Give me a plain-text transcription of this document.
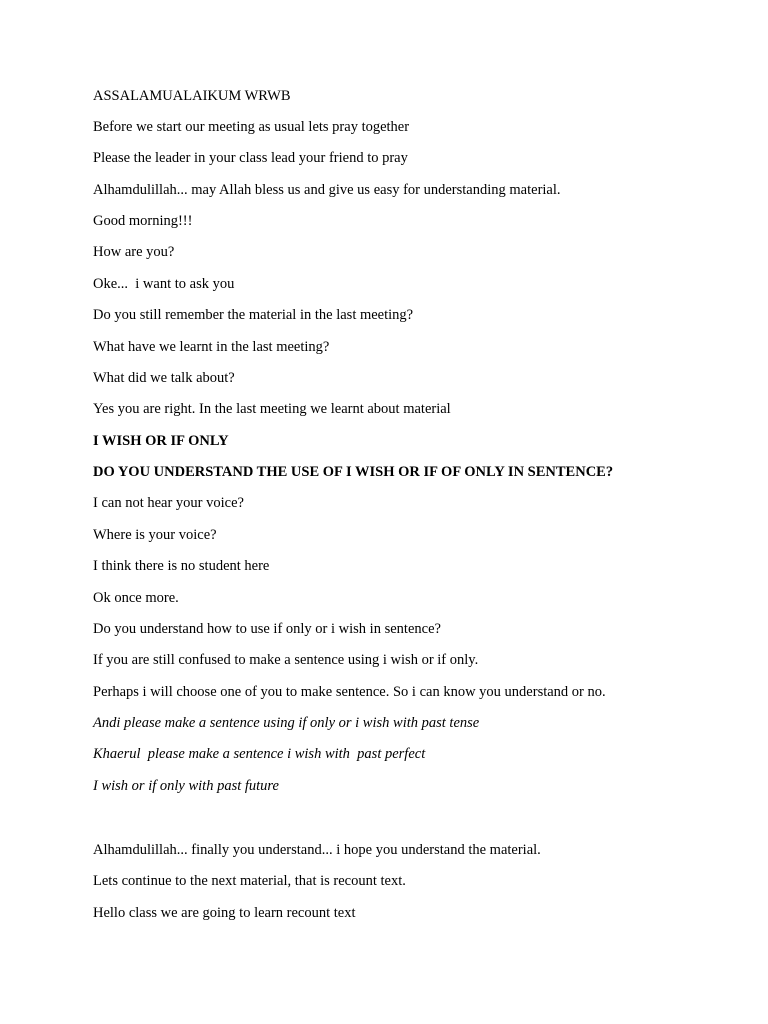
ASSALAMUALAIKUM WRWB

Before we start our meeting as usual lets pray together

Please the leader in your class lead your friend to pray

Alhamdulillah... may Allah bless us and give us easy for understanding material.

Good morning!!!

How are you?

Oke...  i want to ask you

Do you still remember the material in the last meeting?

What have we learnt in the last meeting?

What did we talk about?

Yes you are right. In the last meeting we learnt about material

I WISH OR IF ONLY

DO YOU UNDERSTAND THE USE OF I WISH OR IF OF ONLY IN SENTENCE?

I can not hear your voice?

Where is your voice?

I think there is no student here

Ok once more.

Do you understand how to use if only or i wish in sentence?

If you are still confused to make a sentence using i wish or if only.

Perhaps i will choose one of you to make sentence. So i can know you understand or no.

Andi please make a sentence using if only or i wish with past tense

Khaerul  please make a sentence i wish with  past perfect

I wish or if only with past future

Alhamdulillah... finally you understand... i hope you understand the material.

Lets continue to the next material, that is recount text.

Hello class we are going to learn recount text
